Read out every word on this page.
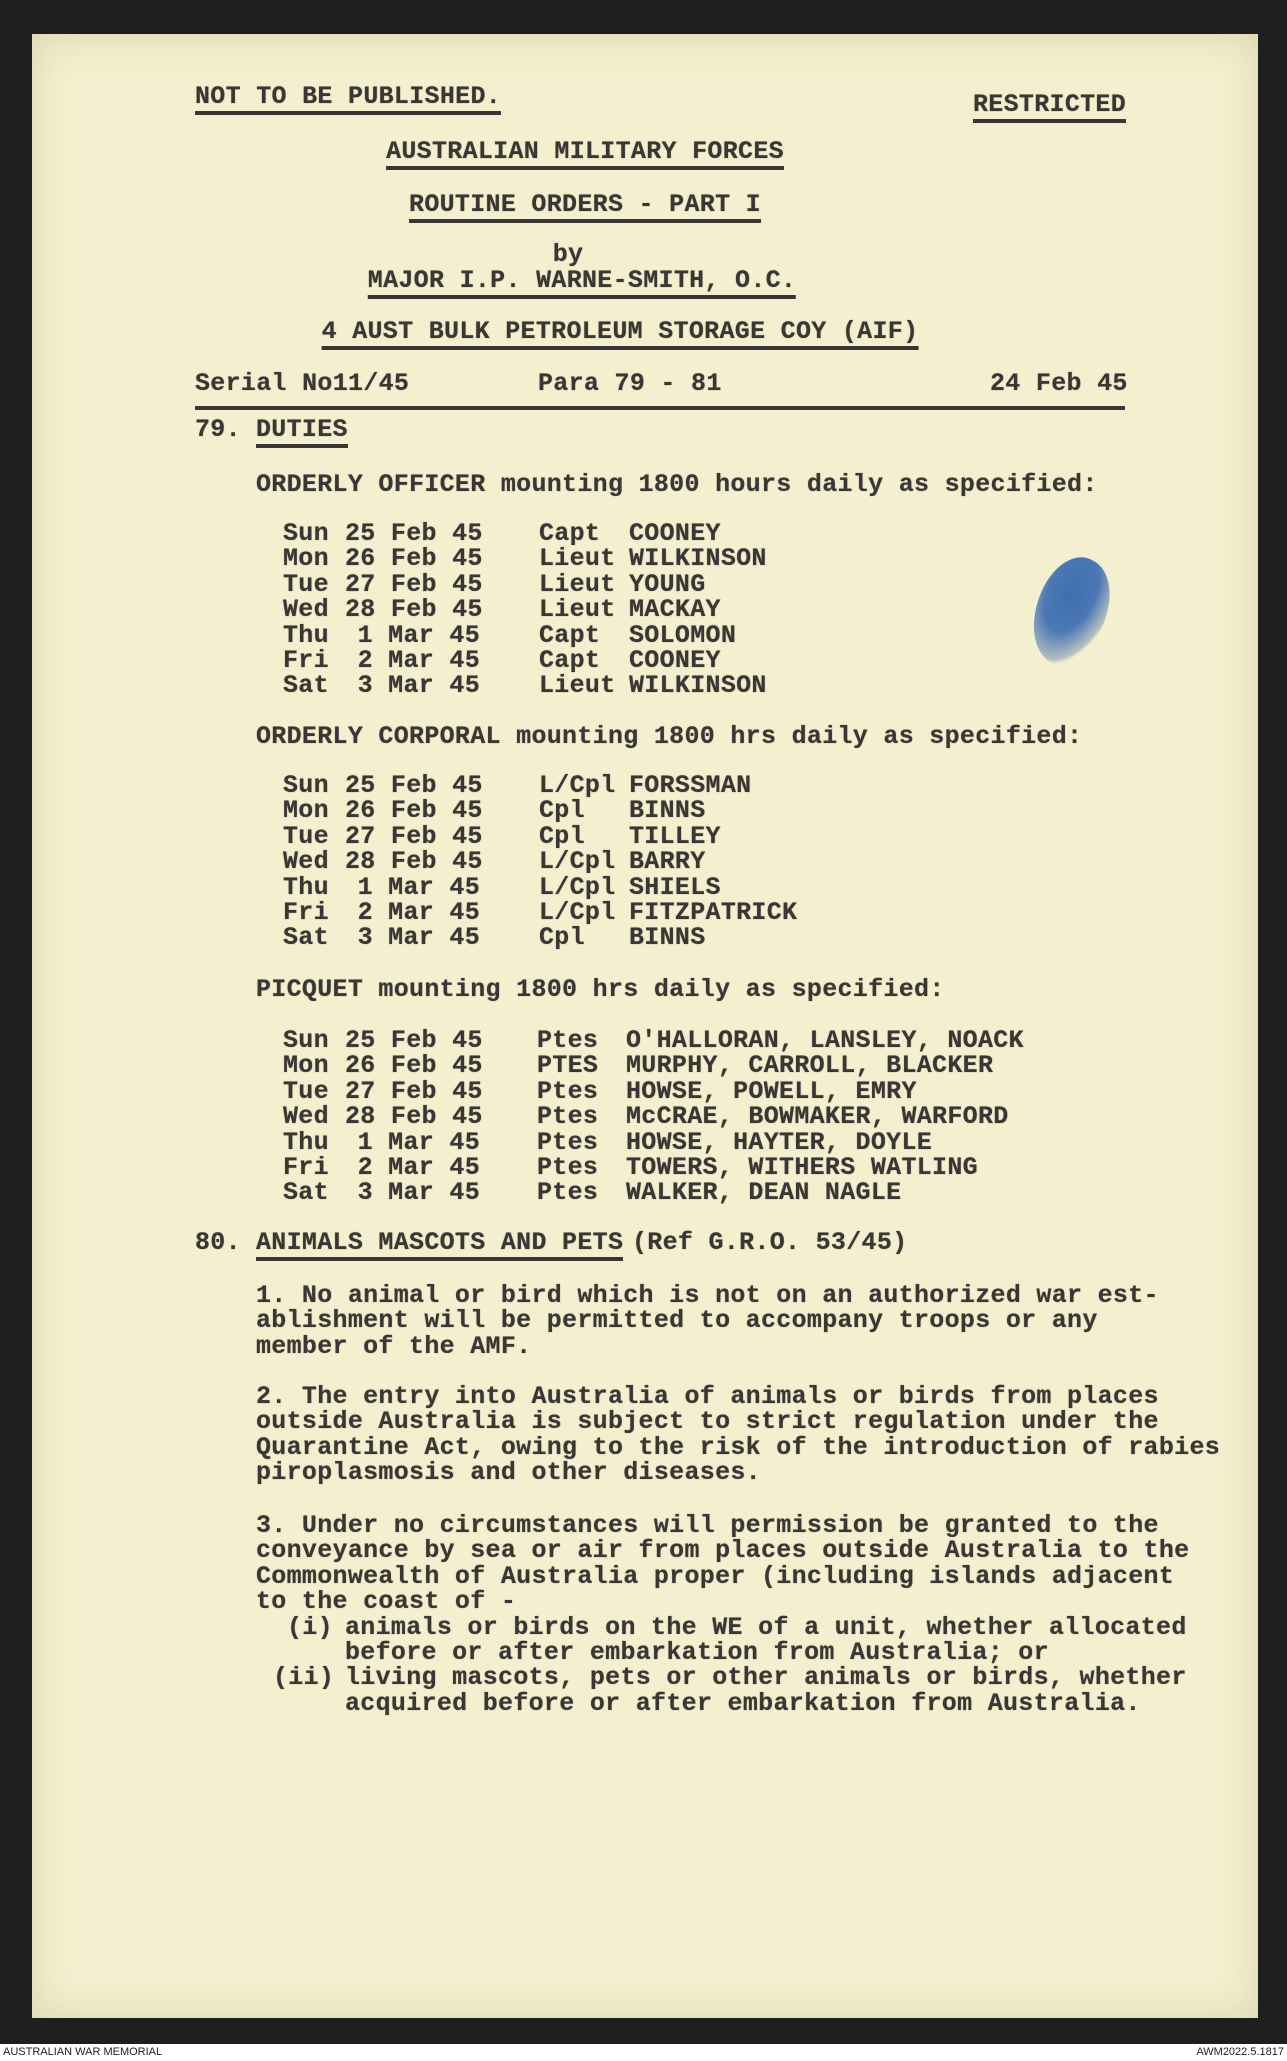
NOT TO BE PUBLISHED.	RESTRICTED
AUSTRALIAN MILITARY FORCES
ROUTINE ORDERS - PART I
by
MAJOR I.P. WARNE-SMITH, O.C.
4 AUST BULK PETROLEUM STORAGE COY (AIF)
Serial No11/45	Para 79 - 81	24 Feb 45
79. DUTIES
ORDERLY OFFICER mounting 1800 hours daily as specified:
Sun 25 Feb 45 Capt COONEY
Mon 26 Feb 45 Lieut WILKINSON
Tue 27 Feb 45 Lieut YOUNG
Wed 28 Feb 45 Lieut MACKAY
Thu	1 Mar 45 Capt SOLOMON
Fri	2 Mar 45 Capt COONEY
Sat	3 Mar 45 Lieut WILKINSON
ORDERLY CORPORAL mounting 1800 hrs daily as specified:
Sun 25 Feb 45 L/Cpl FORSSMAN
Mon 26 Feb 45 Cpl BINNS
Tue 27 Feb 45 Cpl TILLEY
Wed 28 Feb 45 L/Cpl BARRY
Thu	1 Mar 45 L/Cpl SHIELS
Fri	2 Mar 45 L/Cpl FITZPATRICK
Sat	3 Mar 45 Cpl BINNS
PICQUET mounting 1800 hrs daily as specified:
Sun 25 Feb 45 Ptes O'HALLORAN, LANSLEY, NOACK
Mon 26 Feb 45 PTES MURPHY, CARROLL, BLACKER
Tue 27 Feb 45 Ptes HOWSE, POWELL, EMRY
Wed 28 Feb 45 Ptes McCRAE, BOWMAKER, WARFORD
Thu	1 Mar 45 Ptes HOWSE, HAYTER, DOYLE
Fri	2 Mar 45 Ptes TOWERS, WITHERS WATLING
Sat	3 Mar 45 Ptes WALKER, DEAN NAGLE
80. ANIMALS MASCOTS AND PETS (Ref G.R.O. 53/45)
1. No animal or bird which is not on an authorized war est-
ablishment will be permitted to accompany troops or any
member of the AMF.
2. The entry into Australia of animals or birds from places
outside Australia is subject to strict regulation under the
Quarantine Act, owing to the risk of the introduction of rabies
piroplasmosis and other diseases.
3. Under no circumstances will permission be granted to the
conveyance by sea or air from places outside Australia to the
Commonwealth of Australia proper (including islands adjacent
to the coast of -
(i) animals or birds on the WE of a unit, whether allocated
before or after embarkation from Australia; or
(ii) living mascots, pets or other animals or birds, whether
acquired before or after embarkation from Australia.
AUSTRALIAN WAR MEMORIAL	AWM2022.5.1817
